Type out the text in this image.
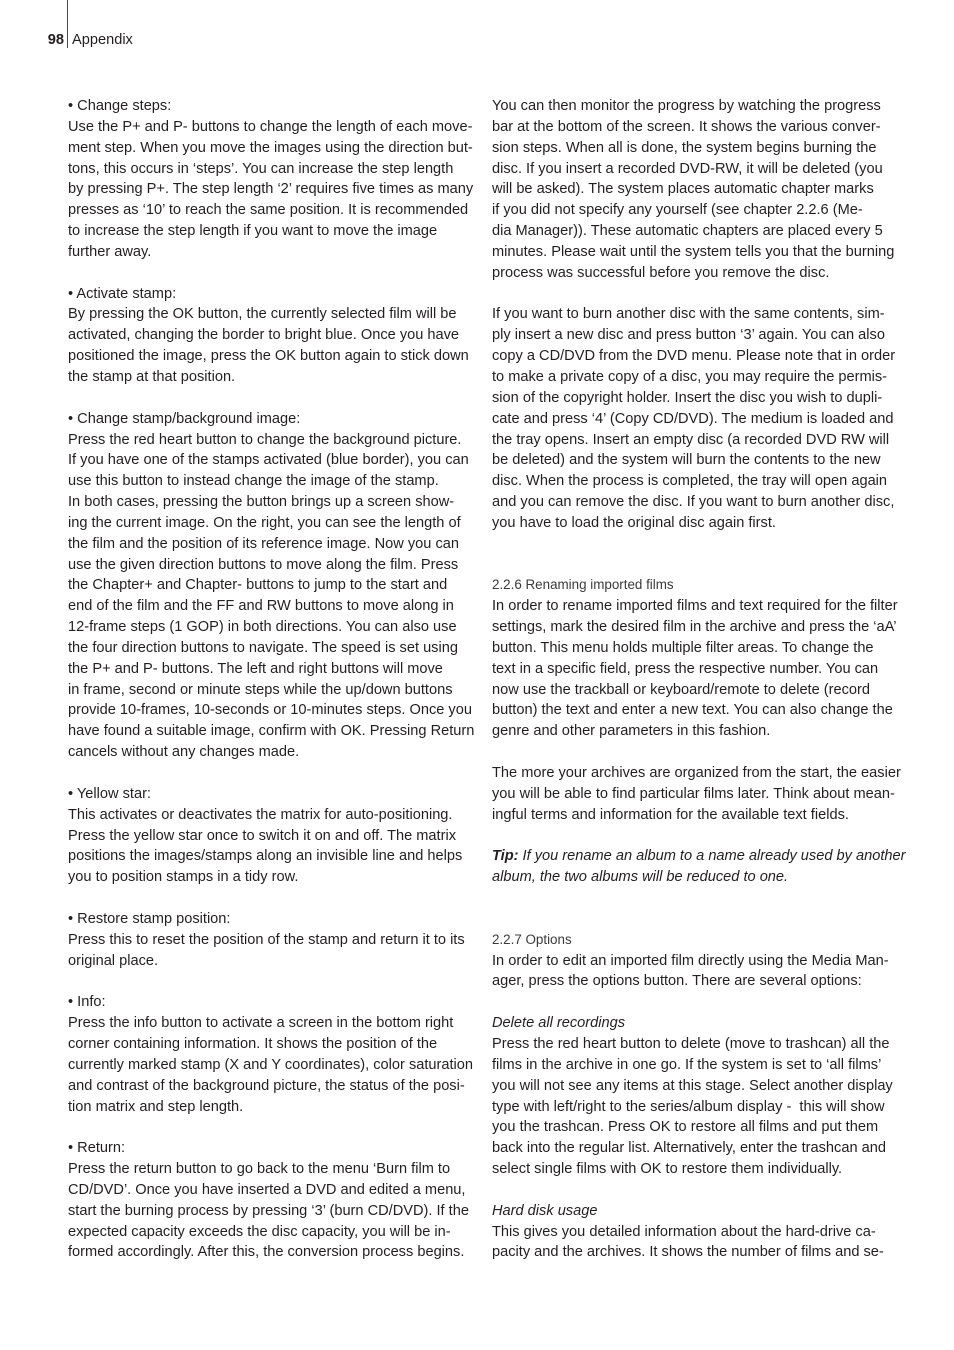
98 Appendix
• Change steps:
Use the P+ and P- buttons to change the length of each move-
ment step. When you move the images using the direction but-
tons, this occurs in ‘steps’. You can increase the step length
by pressing P+. The step length ‘2’ requires five times as many
presses as ‘10’ to reach the same position. It is recommended
to increase the step length if you want to move the image
further away.
• Activate stamp:
By pressing the OK button, the currently selected film will be
activated, changing the border to bright blue. Once you have
positioned the image, press the OK button again to stick down
the stamp at that position.
• Change stamp/background image:
Press the red heart button to change the background picture.
If you have one of the stamps activated (blue border), you can
use this button to instead change the image of the stamp.
In both cases, pressing the button brings up a screen show-
ing the current image. On the right, you can see the length of
the film and the position of its reference image. Now you can
use the given direction buttons to move along the film. Press
the Chapter+ and Chapter- buttons to jump to the start and
end of the film and the FF and RW buttons to move along in
12-frame steps (1 GOP) in both directions. You can also use
the four direction buttons to navigate. The speed is set using
the P+ and P- buttons. The left and right buttons will move
in frame, second or minute steps while the up/down buttons
provide 10-frames, 10-seconds or 10-minutes steps. Once you
have found a suitable image, confirm with OK. Pressing Return
cancels without any changes made.
• Yellow star:
This activates or deactivates the matrix for auto-positioning.
Press the yellow star once to switch it on and off. The matrix
positions the images/stamps along an invisible line and helps
you to position stamps in a tidy row.
• Restore stamp position:
Press this to reset the position of the stamp and return it to its
original place.
• Info:
Press the info button to activate a screen in the bottom right
corner containing information. It shows the position of the
currently marked stamp (X and Y coordinates), color saturation
and contrast of the background picture, the status of the posi-
tion matrix and step length.
• Return:
Press the return button to go back to the menu ‘Burn film to
CD/DVD’. Once you have inserted a DVD and edited a menu,
start the burning process by pressing ‘3’ (burn CD/DVD). If the
expected capacity exceeds the disc capacity, you will be in-
formed accordingly. After this, the conversion process begins.
You can then monitor the progress by watching the progress
bar at the bottom of the screen. It shows the various conver-
sion steps. When all is done, the system begins burning the
disc. If you insert a recorded DVD-RW, it will be deleted (you
will be asked). The system places automatic chapter marks
if you did not specify any yourself (see chapter 2.2.6 (Me-
dia Manager)). These automatic chapters are placed every 5
minutes. Please wait until the system tells you that the burning
process was successful before you remove the disc.
If you want to burn another disc with the same contents, sim-
ply insert a new disc and press button ‘3’ again. You can also
copy a CD/DVD from the DVD menu. Please note that in order
to make a private copy of a disc, you may require the permis-
sion of the copyright holder. Insert the disc you wish to dupli-
cate and press ‘4’ (Copy CD/DVD). The medium is loaded and
the tray opens. Insert an empty disc (a recorded DVD RW will
be deleted) and the system will burn the contents to the new
disc. When the process is completed, the tray will open again
and you can remove the disc. If you want to burn another disc,
you have to load the original disc again first.
2.2.6 Renaming imported films
In order to rename imported films and text required for the filter
settings, mark the desired film in the archive and press the ‘aA’
button. This menu holds multiple filter areas. To change the
text in a specific field, press the respective number. You can
now use the trackball or keyboard/remote to delete (record
button) the text and enter a new text. You can also change the
genre and other parameters in this fashion.
The more your archives are organized from the start, the easier
you will be able to find particular films later. Think about mean-
ingful terms and information for the available text fields.
Tip: If you rename an album to a name already used by another
album, the two albums will be reduced to one.
2.2.7 Options
In order to edit an imported film directly using the Media Man-
ager, press the options button. There are several options:
Delete all recordings
Press the red heart button to delete (move to trashcan) all the
films in the archive in one go. If the system is set to ‘all films’
you will not see any items at this stage. Select another display
type with left/right to the series/album display -  this will show
you the trashcan. Press OK to restore all films and put them
back into the regular list. Alternatively, enter the trashcan and
select single films with OK to restore them individually.
Hard disk usage
This gives you detailed information about the hard-drive ca-
pacity and the archives. It shows the number of films and se-
